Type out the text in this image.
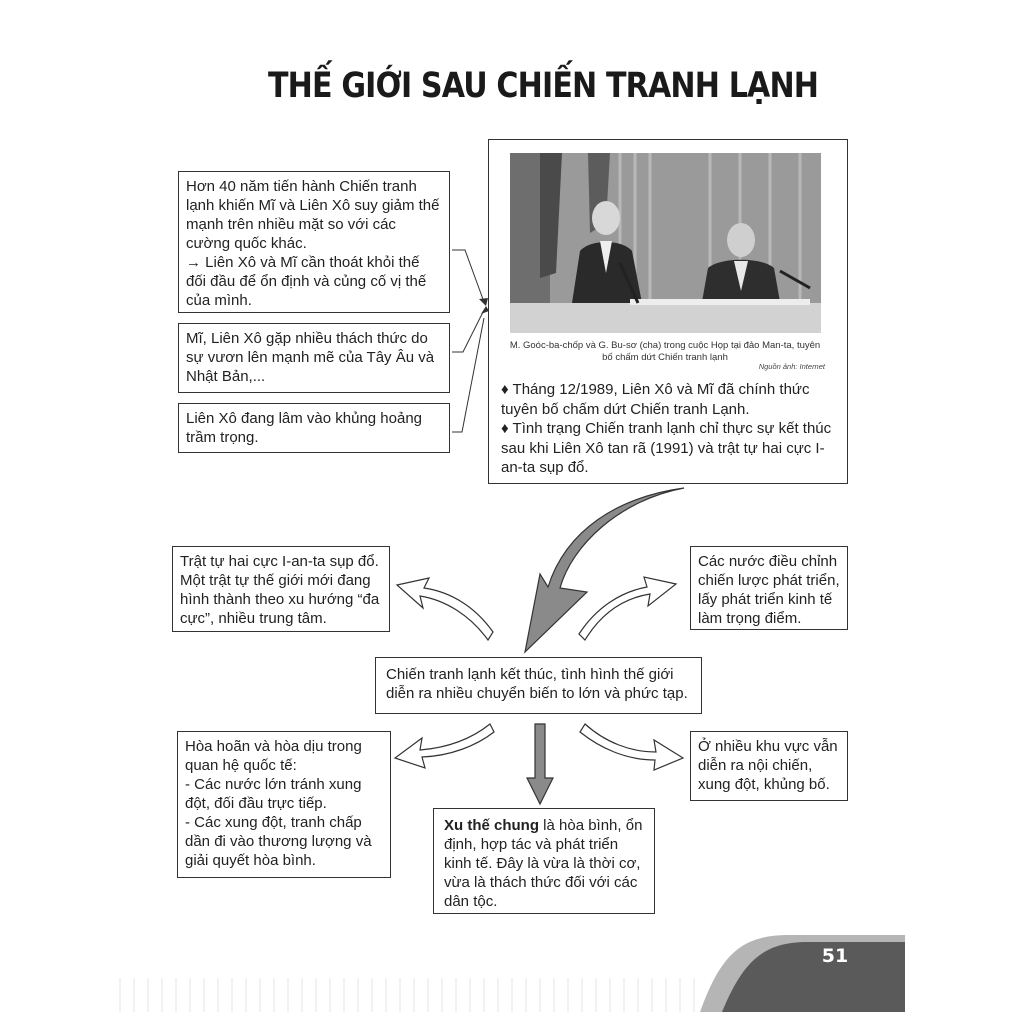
THẾ GIỚI SAU CHIẾN TRANH LẠNH

Hơn 40 năm tiến hành Chiến tranh lạnh khiến Mĩ và Liên Xô suy giảm thế mạnh trên nhiều mặt so với các cường quốc khác.

→ Liên Xô và Mĩ cần thoát khỏi thế đối đầu để ổn định và củng cố vị thế của mình.

Mĩ, Liên Xô gặp nhiều thách thức do sự vươn lên mạnh mẽ của Tây Âu và Nhật Bản,...

Liên Xô đang lâm vào khủng hoảng trầm trọng.

M. Goóc-ba-chốp và G. Bu-sơ (cha) trong cuộc Họp tại đảo Man-ta, tuyên bố chấm dứt Chiến tranh lạnh
Nguồn ảnh: Internet

♦ Tháng 12/1989, Liên Xô và Mĩ đã chính thức tuyên bố chấm dứt Chiến tranh Lạnh.

♦ Tình trạng Chiến tranh lạnh chỉ thực sự kết thúc sau khi Liên Xô tan rã (1991) và trật tự hai cực I-an-ta sụp đổ.

Trật tự hai cực I-an-ta sụp đổ. Một trật tự thế giới mới đang hình thành theo xu hướng “đa cực”, nhiều trung tâm.

Các nước điều chỉnh chiến lược phát triển, lấy phát triển kinh tế làm trọng điểm.

Chiến tranh lạnh kết thúc, tình hình thế giới diễn ra nhiều chuyển biến to lớn và phức tạp.

Hòa hoãn và hòa dịu trong quan hệ quốc tế:

- Các nước lớn tránh xung đột, đối đầu trực tiếp.

- Các xung đột, tranh chấp dần đi vào thương lượng và giải quyết hòa bình.

Ở nhiều khu vực vẫn diễn ra nội chiến, xung đột, khủng bố.

Xu thế chung là hòa bình, ổn định, hợp tác và phát triển kinh tế. Đây là vừa là thời cơ, vừa là thách thức đối với các dân tộc.

51
